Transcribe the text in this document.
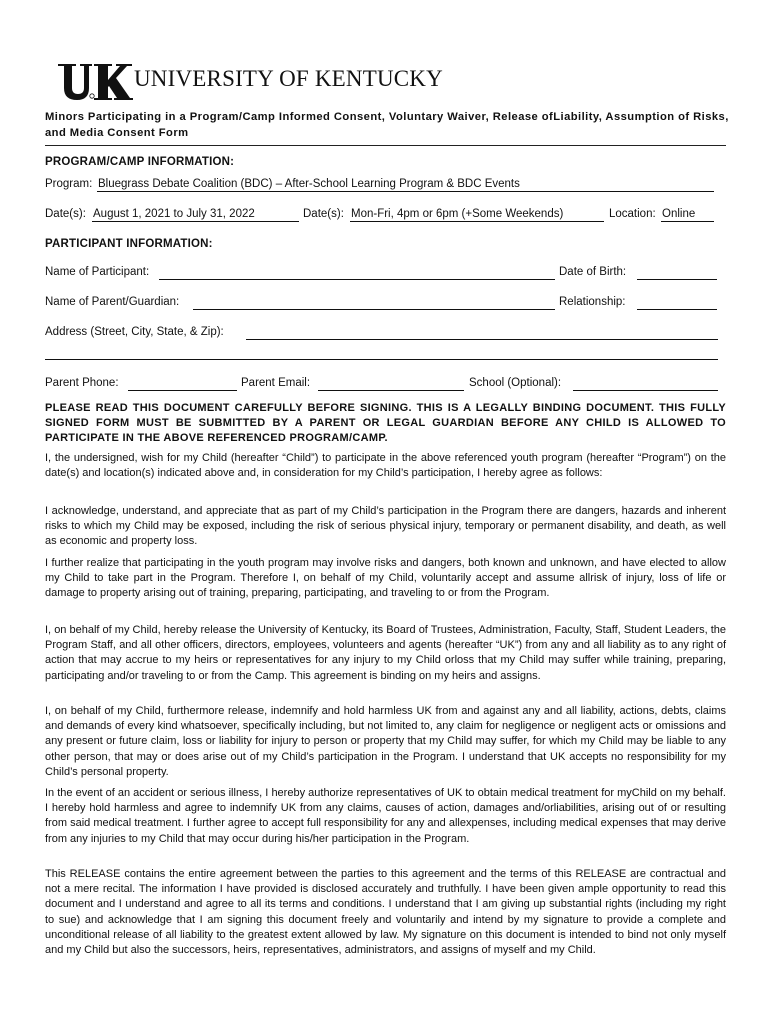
UNIVERSITY OF KENTUCKY
Minors Participating in a Program/Camp Informed Consent, Voluntary Waiver, Release ofLiability, Assumption of Risks, and Media Consent Form
PROGRAM/CAMP INFORMATION:
Program: Bluegrass Debate Coalition (BDC) – After-School Learning Program & BDC Events
Date(s): August 1, 2021 to July 31, 2022	Date(s): Mon-Fri, 4pm or 6pm (+Some Weekends)	Location: Online
PARTICIPANT INFORMATION:
Name of Participant:	Date of Birth:
Name of Parent/Guardian:	Relationship:
Address (Street, City, State, & Zip):
Parent Phone:	Parent Email:	School (Optional):
PLEASE READ THIS DOCUMENT CAREFULLY BEFORE SIGNING. THIS IS A LEGALLY BINDING DOCUMENT. THIS FULLY SIGNED FORM MUST BE SUBMITTED BY A PARENT OR LEGAL GUARDIAN BEFORE ANY CHILD IS ALLOWED TO PARTICIPATE IN THE ABOVE REFERENCED PROGRAM/CAMP.
I, the undersigned, wish for my Child (hereafter “Child”) to participate in the above referenced youth program (hereafter “Program”) on the date(s) and location(s) indicated above and, in consideration for my Child’s participation, I hereby agree as follows:
I acknowledge, understand, and appreciate that as part of my Child’s participation in the Program there are dangers, hazards and inherent risks to which my Child may be exposed, including the risk of serious physical injury, temporary or permanent disability, and death, as well as economic and property loss.
I further realize that participating in the youth program may involve risks and dangers, both known and unknown, and have elected to allow my Child to take part in the Program. Therefore I, on behalf of my Child, voluntarily accept and assume allrisk of injury, loss of life or damage to property arising out of training, preparing, participating, and traveling to or from the Program.
I, on behalf of my Child, hereby release the University of Kentucky, its Board of Trustees, Administration, Faculty, Staff, Student Leaders, the Program Staff, and all other officers, directors, employees, volunteers and agents (hereafter “UK”) from any and all liability as to any right of action that may accrue to my heirs or representatives for any injury to my Child orloss that my Child may suffer while training, preparing, participating and/or traveling to or from the Camp. This agreement is binding on my heirs and assigns.
I, on behalf of my Child, furthermore release, indemnify and hold harmless UK from and against any and all liability, actions, debts, claims and demands of every kind whatsoever, specifically including, but not limited to, any claim for negligence or negligent acts or omissions and any present or future claim, loss or liability for injury to person or property that my Child may suffer, for which my Child may be liable to any other person, that may or does arise out of my Child’s participation in the Program. I understand that UK accepts no responsibility for my Child’s personal property.
In the event of an accident or serious illness, I hereby authorize representatives of UK to obtain medical treatment for myChild on my behalf. I hereby hold harmless and agree to indemnify UK from any claims, causes of action, damages and/orliabilities, arising out of or resulting from said medical treatment. I further agree to accept full responsibility for any and allexpenses, including medical expenses that may derive from any injuries to my Child that may occur during his/her participation in the Program.
This RELEASE contains the entire agreement between the parties to this agreement and the terms of this RELEASE are contractual and not a mere recital. The information I have provided is disclosed accurately and truthfully. I have been given ample opportunity to read this document and I understand and agree to all its terms and conditions. I understand that I am giving up substantial rights (including my right to sue) and acknowledge that I am signing this document freely and voluntarily and intend by my signature to provide a complete and unconditional release of all liability to the greatest extent allowed by law. My signature on this document is intended to bind not only myself and my Child but also the successors, heirs, representatives, administrators, and assigns of myself and my Child.
